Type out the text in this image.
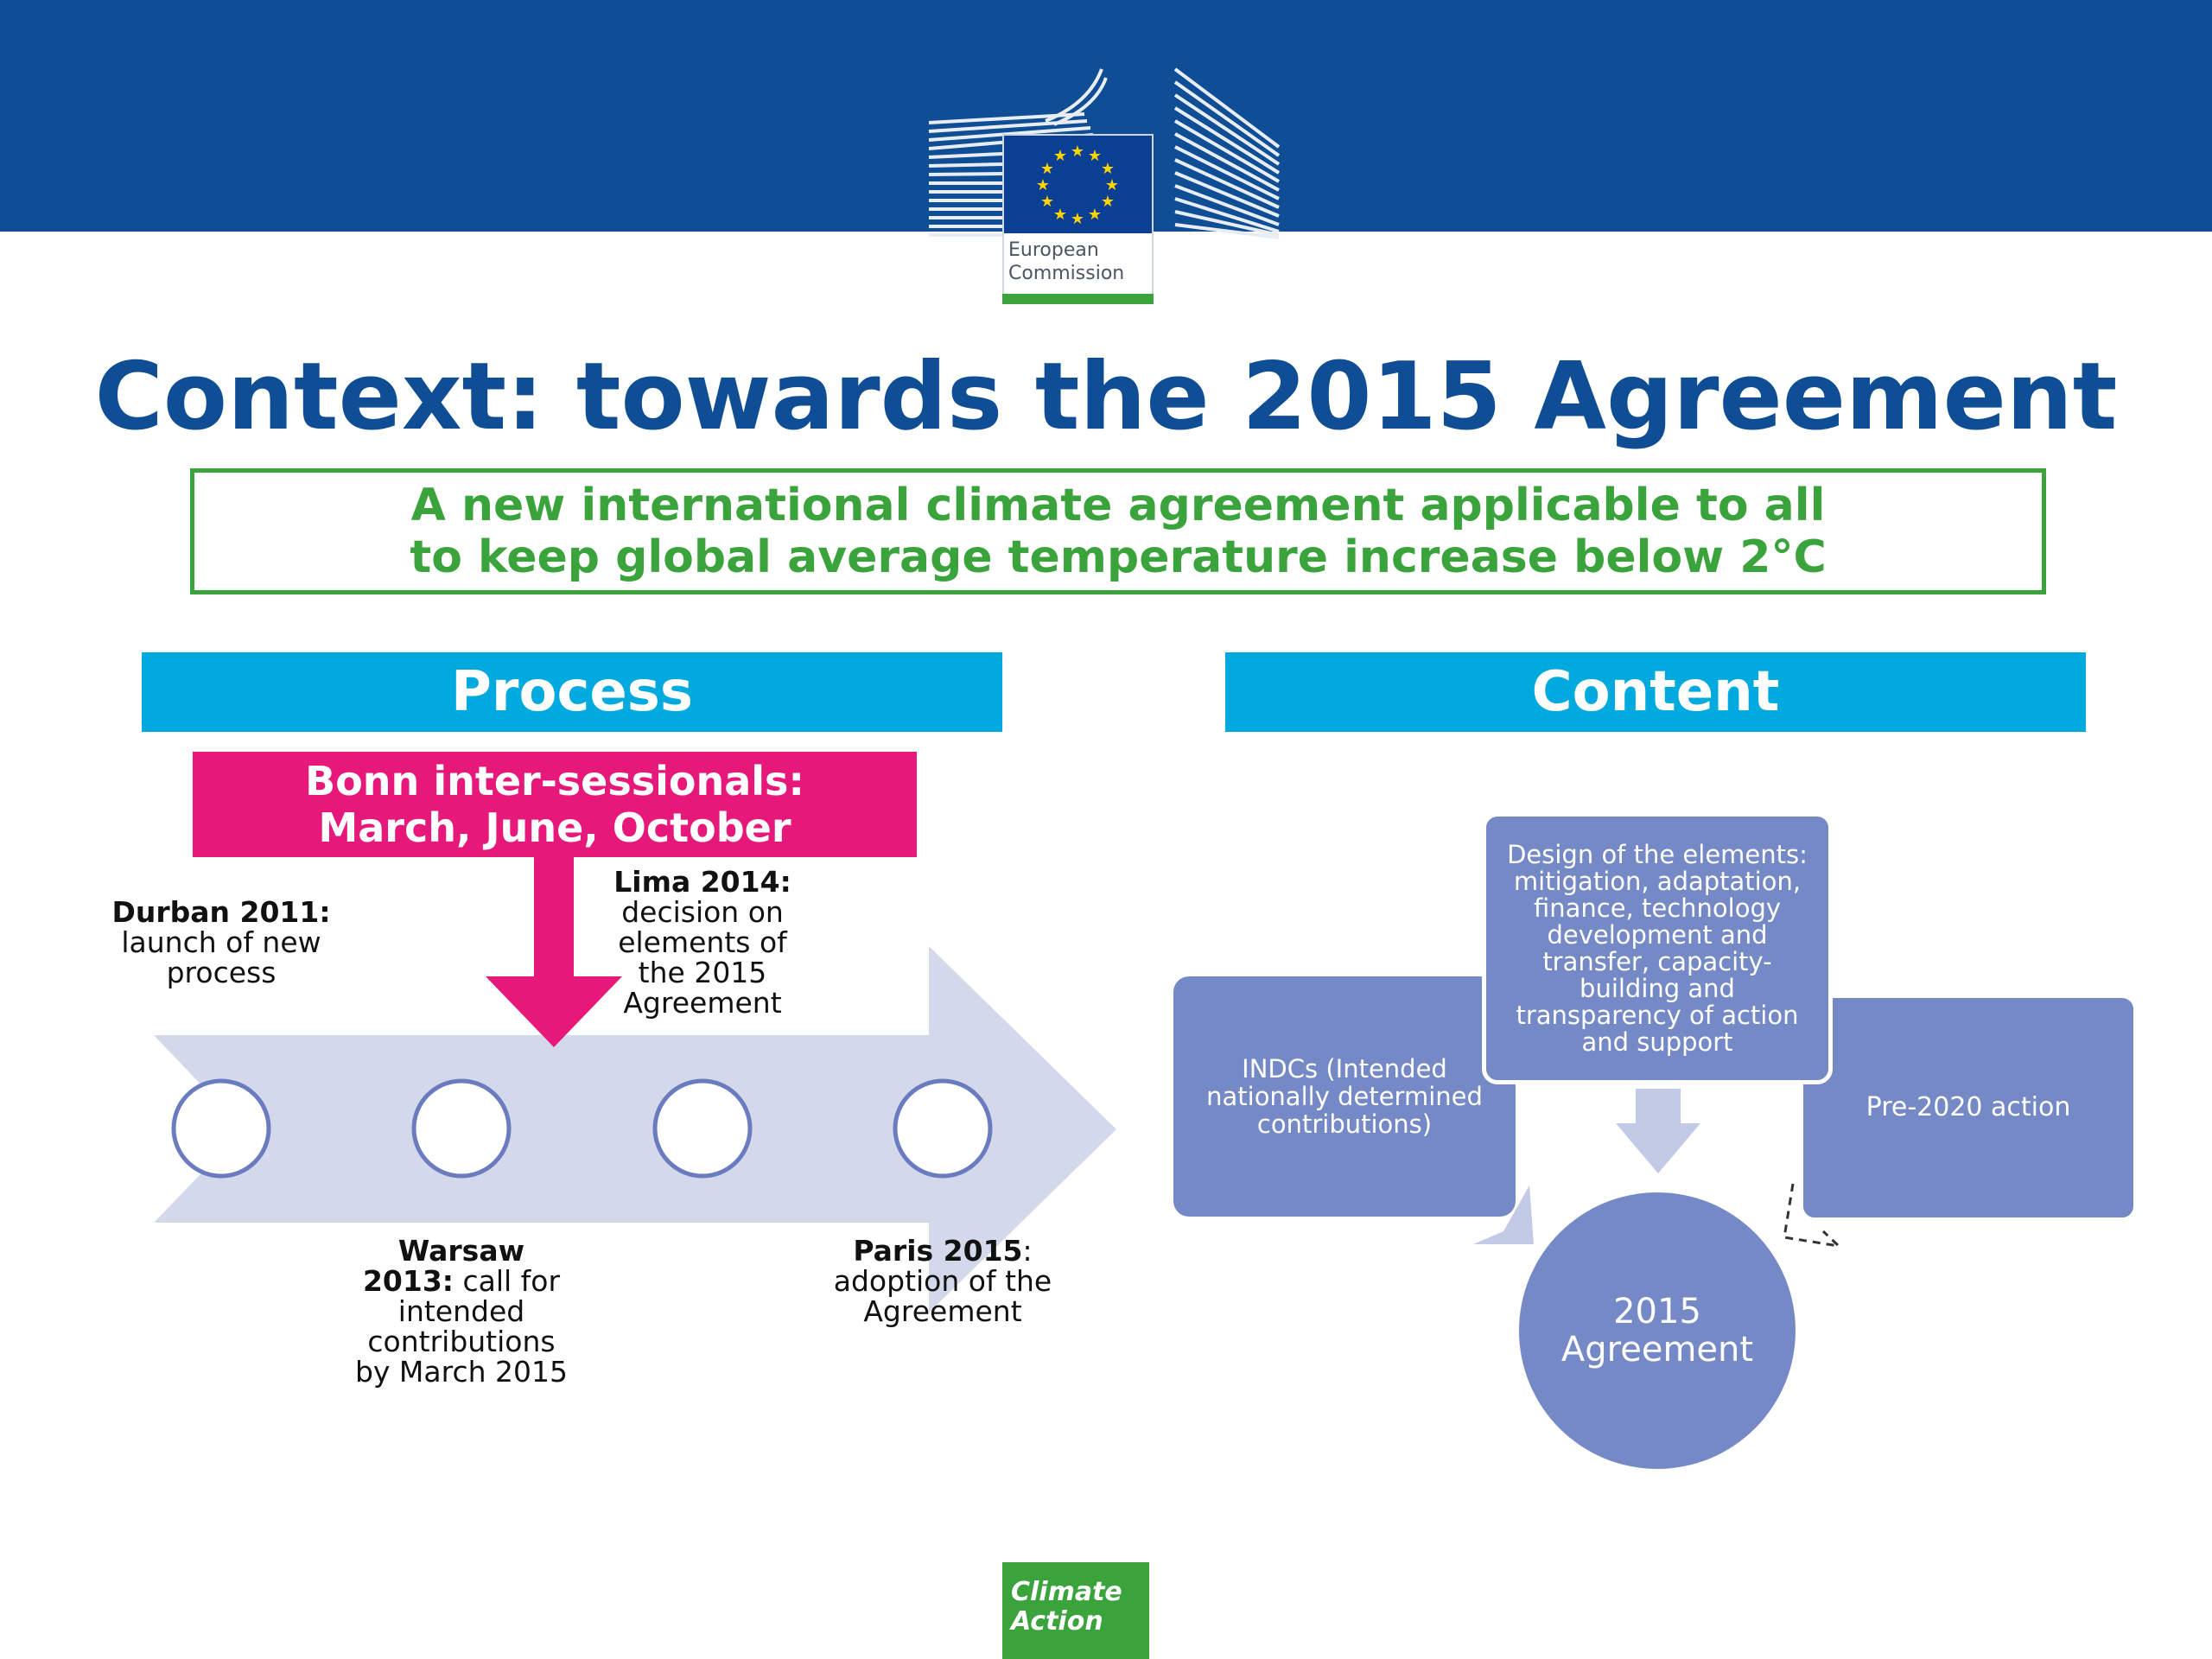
★ ★
★
★
★
★
★
★
★
★
★
★
European
Commission
Context: towards the 2015 Agreement
A new international climate agreement applicable to all
to keep global average temperature increase below 2°C
Process	Content
Bonn inter-sessionals:
March, June, October
Durban 2011: launch of new process
Warsaw 2013: call for intended contributions by March 2015
Lima 2014: decision on elements of the 2015 Agreement
Paris 2015: adoption of the Agreement
INDCs (Intended nationally determined contributions)
Pre-2020 action
Design of the elements: mitigation, adaptation, finance, technology development and transfer, capacity-building and transparency of action and support
2015
Agreement
Climate
Action
